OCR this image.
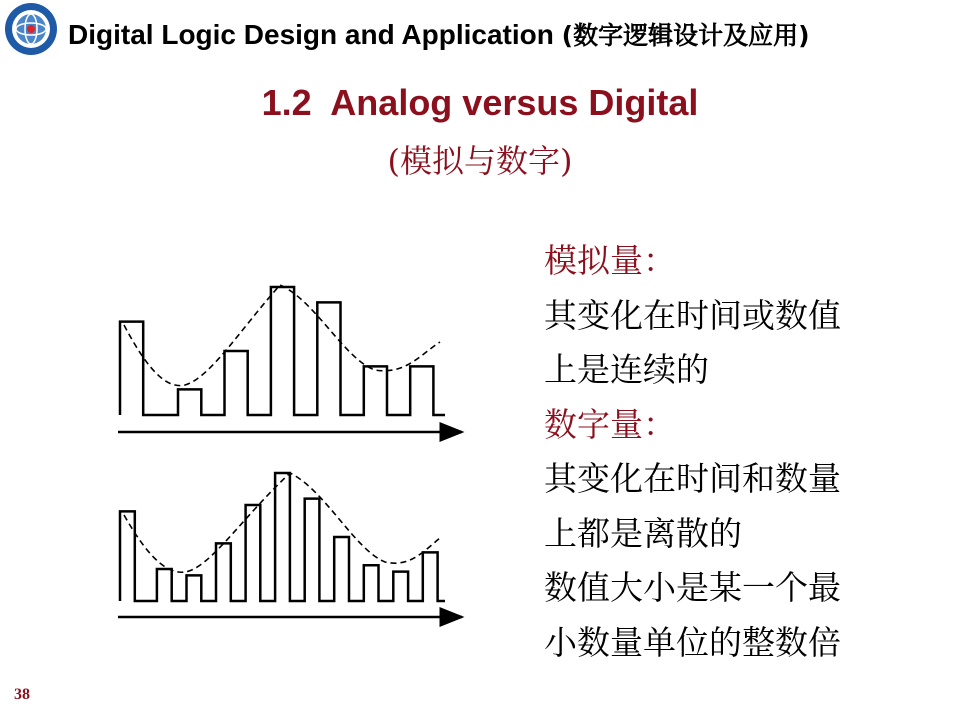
Digital Logic Design and Application (数字逻辑设计及应用)
1.2  Analog versus Digital
(模拟与数字)
模拟量：
其变化在时间或数值
上是连续的
数字量：
其变化在时间和数量
上都是离散的
数值大小是某一个最
小数量单位的整数倍
38
